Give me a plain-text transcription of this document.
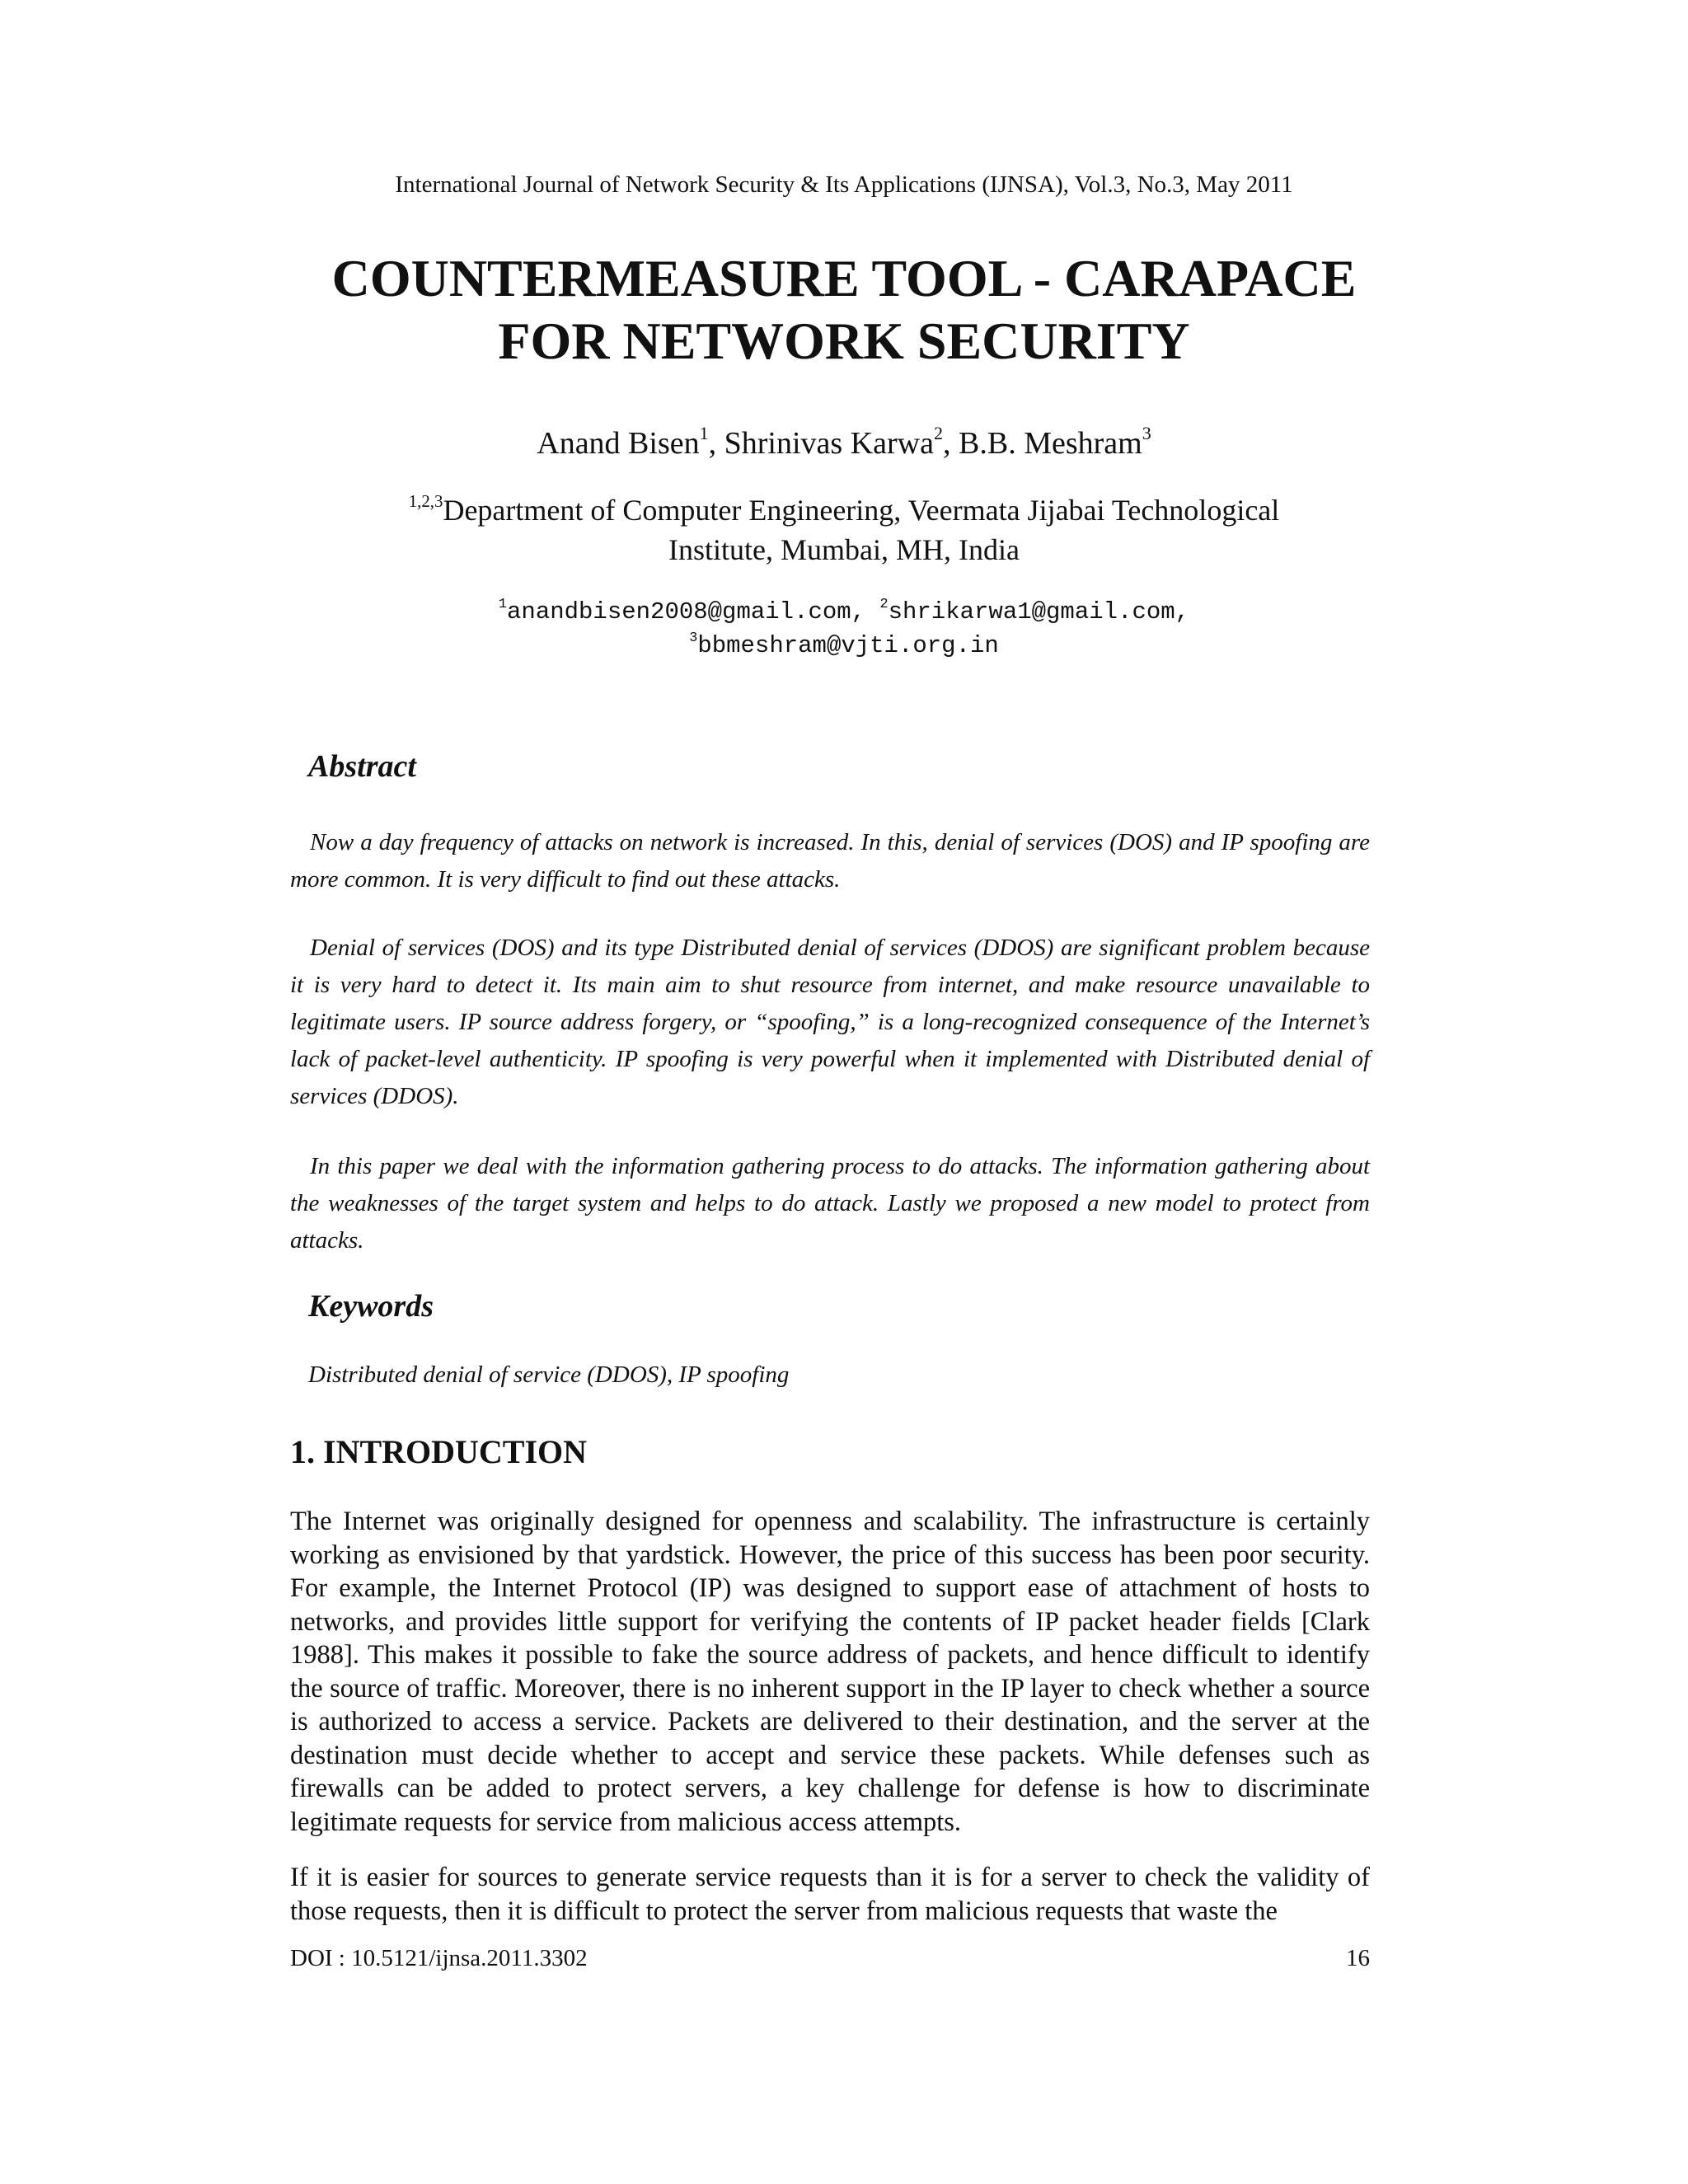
International Journal of Network Security & Its Applications (IJNSA), Vol.3, No.3, May 2011
COUNTERMEASURE TOOL - CARAPACE
FOR NETWORK SECURITY
Anand Bisen$^1$, Shrinivas Karwa$^2$, B.B. Meshram$^3$
$^{1,2,3}$Department of Computer Engineering, Veermata Jijabai Technological
Institute, Mumbai, MH, India
$^1$anandbisen2008@gmail.com, $^2$shrikarwa1@gmail.com,
$^3$bbmeshram@vjti.org.in
Abstract

Now a day frequency of attacks on network is increased. In this, denial of services (DOS) and IP spoofing are more common. It is very difficult to find out these attacks.

Denial of services (DOS) and its type Distributed denial of services (DDOS) are significant problem because it is very hard to detect it. Its main aim to shut resource from internet, and make resource unavailable to legitimate users. IP source address forgery, or “spoofing,” is a long-recognized consequence of the Internet’s lack of packet-level authenticity. IP spoofing is very powerful when it implemented with Distributed denial of services (DDOS).

In this paper we deal with the information gathering process to do attacks. The information gathering about the weaknesses of the target system and helps to do attack. Lastly we proposed a new model to protect from attacks.

Keywords
Distributed denial of service (DDOS), IP spoofing
1. INTRODUCTION

The Internet was originally designed for openness and scalability. The infrastructure is certainly working as envisioned by that yardstick. However, the price of this success has been poor security. For example, the Internet Protocol (IP) was designed to support ease of attachment of hosts to networks, and provides little support for verifying the contents of IP packet header fields [Clark 1988]. This makes it possible to fake the source address of packets, and hence difficult to identify the source of traffic. Moreover, there is no inherent support in the IP layer to check whether a source is authorized to access a service. Packets are delivered to their destination, and the server at the destination must decide whether to accept and service these packets. While defenses such as firewalls can be added to protect servers, a key challenge for defense is how to discriminate legitimate requests for service from malicious access attempts.

If it is easier for sources to generate service requests than it is for a server to check the validity of those requests, then it is difficult to protect the server from malicious requests that waste the

DOI : 10.5121/ijnsa.2011.3302	16
